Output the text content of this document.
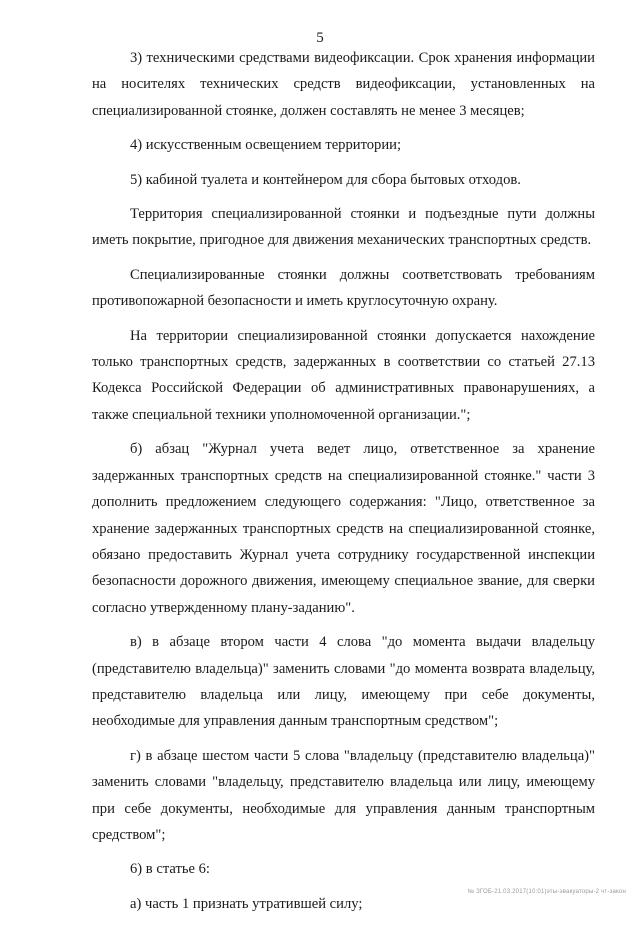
5

3) техническими средствами видеофиксации. Срок хранения информации на носителях технических средств видеофиксации, установленных на специализированной стоянке, должен составлять не менее 3 месяцев;

4) искусственным освещением территории;

5) кабиной туалета и контейнером для сбора бытовых отходов.

Территория специализированной стоянки и подъездные пути должны иметь покрытие, пригодное для движения механических транспортных средств.

Специализированные стоянки должны соответствовать требованиям противопожарной безопасности и иметь круглосуточную охрану.

На территории специализированной стоянки допускается нахождение только транспортных средств, задержанных в соответствии со статьей 27.13 Кодекса Российской Федерации об административных правонарушениях, а также специальной техники уполномоченной организации.";

б) абзац "Журнал учета ведет лицо, ответственное за хранение задержанных транспортных средств на специализированной стоянке." части 3 дополнить предложением следующего содержания: "Лицо, ответственное за хранение задержанных транспортных средств на специализированной стоянке, обязано предоставить Журнал учета сотруднику государственной инспекции безопасности дорожного движения, имеющему специальное звание, для сверки согласно утвержденному плану-заданию".

в) в абзаце втором части 4 слова "до момента выдачи владельцу (представителю владельца)" заменить словами "до момента возврата владельцу, представителю владельца или лицу, имеющему при себе документы, необходимые для управления данным транспортным средством";

г) в абзаце шестом части 5 слова "владельцу (представителю владельца)" заменить словами "владельцу, представителю владельца или лицу, имеющему при себе документы, необходимые для управления данным транспортным средством";

6) в статье 6:

а) часть 1 признать утратившей силу;

№ ЗГОБ-21.03.2017(10:01)эты-эвакуаторы-2 чт-закон
